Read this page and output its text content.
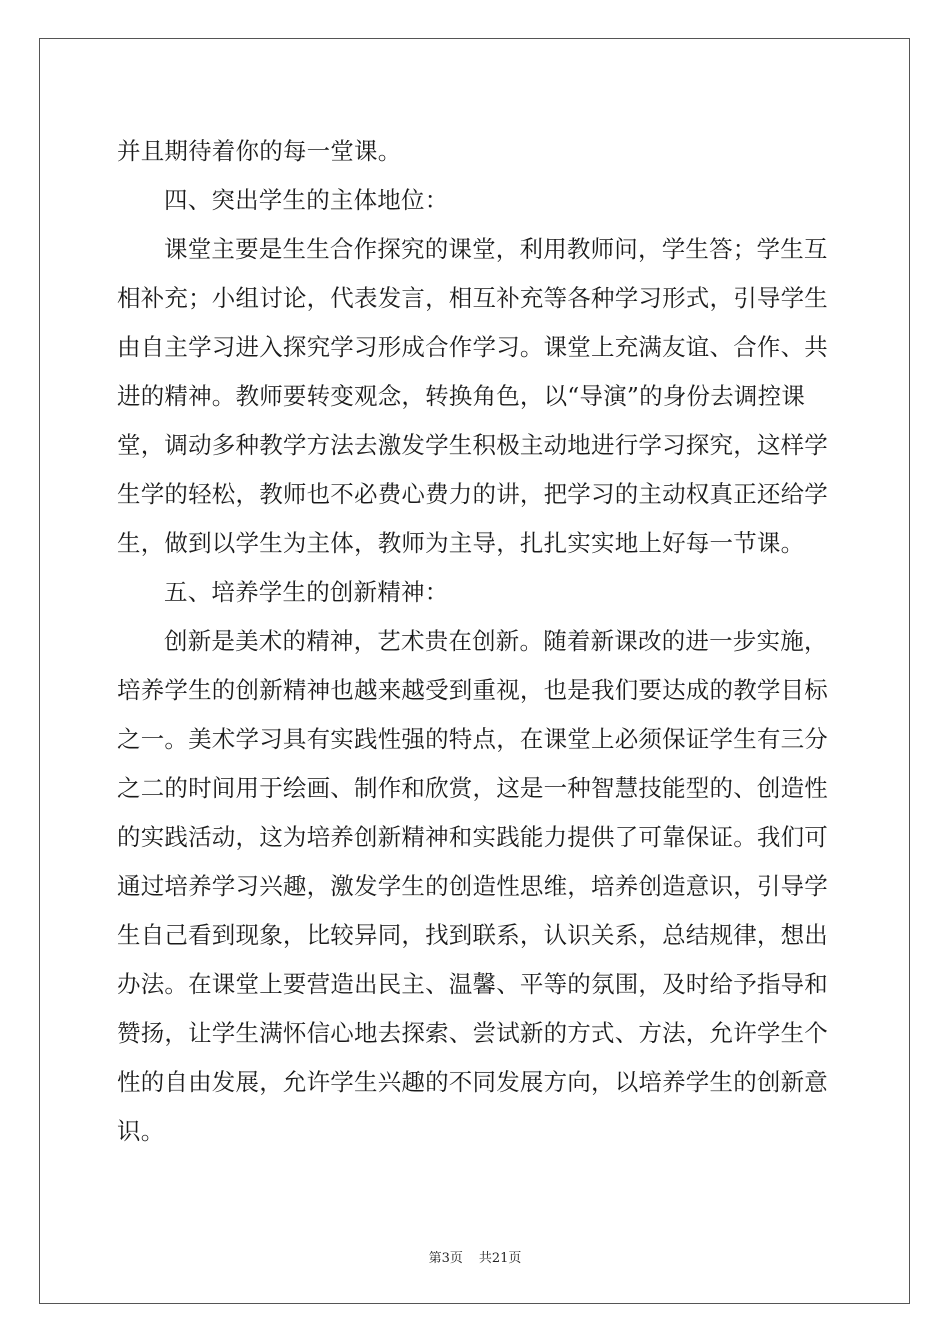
并且期待着你的每一堂课。
四、突出学生的主体地位：
课堂主要是生生合作探究的课堂，利用教师问，学生答；学生互
相补充；小组讨论，代表发言，相互补充等各种学习形式，引导学生
由自主学习进入探究学习形成合作学习。课堂上充满友谊、合作、共
进的精神。教师要转变观念，转换角色，以“导演”的身份去调控课
堂，调动多种教学方法去激发学生积极主动地进行学习探究，这样学
生学的轻松，教师也不必费心费力的讲，把学习的主动权真正还给学
生，做到以学生为主体，教师为主导，扎扎实实地上好每一节课。
五、培养学生的创新精神：
创新是美术的精神，艺术贵在创新。随着新课改的进一步实施，
培养学生的创新精神也越来越受到重视，也是我们要达成的教学目标
之一。美术学习具有实践性强的特点，在课堂上必须保证学生有三分
之二的时间用于绘画、制作和欣赏，这是一种智慧技能型的、创造性
的实践活动，这为培养创新精神和实践能力提供了可靠保证。我们可
通过培养学习兴趣，激发学生的创造性思维，培养创造意识，引导学
生自己看到现象，比较异同，找到联系，认识关系，总结规律，想出
办法。在课堂上要营造出民主、温馨、平等的氛围，及时给予指导和
赞扬，让学生满怀信心地去探索、尝试新的方式、方法，允许学生个
性的自由发展，允许学生兴趣的不同发展方向，以培养学生的创新意
识。
第3页 共21页
